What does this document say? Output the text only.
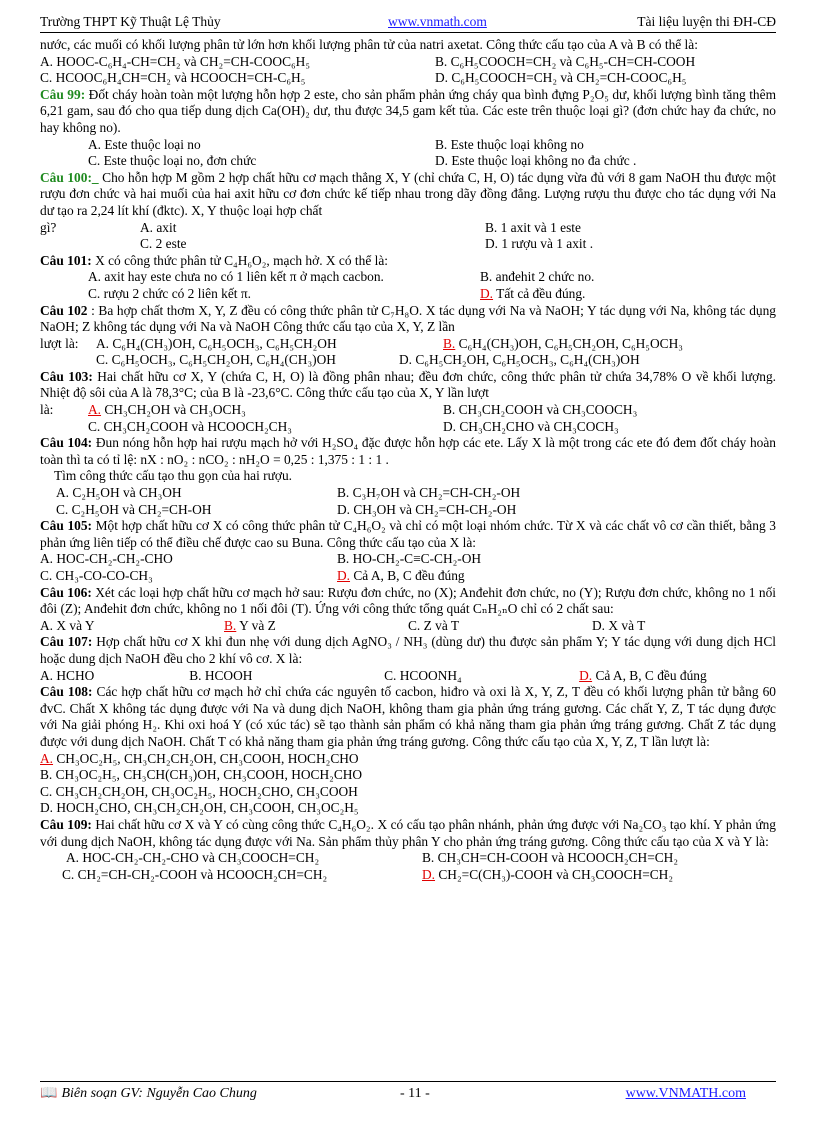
Trường THPT Kỹ Thuật Lệ Thủy	www.vnmath.com	Tài liệu luyện thi ĐH-CĐ

nước, các muối có khối lượng phân tử lớn hơn khối lượng phân tử của natri axetat. Công thức cấu tạo của A và B có thể là:

A. HOOC-C₆H₄-CH=CH₂ và CH₂=CH-COOC₆H₅	B. C₆H₅COOCH=CH₂ và C₆H₅-CH=CH-COOH
C. HCOOC₆H₄CH=CH₂ và HCOOCH=CH-C₆H₅	D. C₆H₅COOCH=CH₂ và CH₂=CH-COOC₆H₅

Câu 99: Đốt cháy hoàn toàn một lượng hỗn hợp 2 este, cho sản phẩm phản ứng cháy qua bình đựng P₂O₅ dư, khối lượng bình tăng thêm 6,21 gam, sau đó cho qua tiếp dung dịch Ca(OH)₂ dư, thu được 34,5 gam kết tủa. Các este trên thuộc loại gì? (đơn chức hay đa chức, no hay không no).

A. Este thuộc loại no	B. Este thuộc loại không no
C. Este thuộc loại no, đơn chức	D. Este thuộc loại không no đa chức .

Câu 100:_ Cho hỗn hợp M gồm 2 hợp chất hữu cơ mạch thẳng X, Y (chỉ chứa C, H, O) tác dụng vừa đủ với 8 gam NaOH thu được một rượu đơn chức và hai muối của hai axit hữu cơ đơn chức kế tiếp nhau trong dãy đồng đẳng. Lượng rượu thu được cho tác dụng với Na dư tạo ra 2,24 lít khí (đktc). X, Y thuộc loại hợp chất

gì?	A. axit	B. 1 axit và 1 este
C. 2 este	D. 1 rượu và 1 axit .

Câu 101: X có công thức phân tử C₄H₆O₂, mạch hở. X có thể là:

A. axit hay este chưa no có 1 liên kết π ở mạch cacbon.	B. anđehit 2 chức no.
C. rượu 2 chức có 2 liên kết π.	D. Tất cả đều đúng.

Câu 102 : Ba hợp chất thơm X, Y, Z đều có công thức phân tử C₇H₈O. X tác dụng với Na và NaOH; Y tác dụng với Na, không tác dụng NaOH; Z không tác dụng với Na và NaOH Công thức cấu tạo của X, Y, Z lần

lượt là:	A. C₆H₄(CH₃)OH, C₆H₅OCH₃, C₆H₅CH₂OH	B. C₆H₄(CH₃)OH, C₆H₅CH₂OH, C₆H₅OCH₃
C. C₆H₅OCH₃, C₆H₅CH₂OH, C₆H₄(CH₃)OH	D. C₆H₅CH₂OH, C₆H₅OCH₃, C₆H₄(CH₃)OH

Câu 103: Hai chất hữu cơ X, Y (chứa C, H, O) là đồng phân nhau; đều đơn chức, công thức phân tử chứa 34,78% O về khối lượng. Nhiệt độ sôi của A là 78,3°C; của B là -23,6°C. Công thức cấu tạo của X, Y lần lượt

là:	A. CH₃CH₂OH và CH₃OCH₃	B. CH₃CH₂COOH và CH₃COOCH₃
C. CH₃CH₂COOH và HCOOCH₂CH₃	D. CH₃CH₂CHO và CH₃COCH₃

Câu 104: Đun nóng hỗn hợp hai rượu mạch hở với H₂SO₄ đặc được hỗn hợp các ete. Lấy X là một trong các ete đó đem đốt cháy hoàn toàn thì ta có tỉ lệ: nX : nO₂ : nCO₂ : nH₂O = 0,25 : 1,375 : 1 : 1 .

Tìm công thức cấu tạo thu gọn của hai rượu.

A. C₂H₅OH và CH₃OH	B. C₃H₇OH và CH₂=CH-CH₂-OH
C. C₂H₅OH và CH₂=CH-OH	D. CH₃OH và CH₂=CH-CH₂-OH

Câu 105: Một hợp chất hữu cơ X có công thức phân tử C₄H₆O₂ và chỉ có một loại nhóm chức. Từ X và các chất vô cơ cần thiết, bằng 3 phản ứng liên tiếp có thể điều chế được cao su Buna. Công thức cấu tạo của X là:

A. HOC-CH₂-CH₂-CHO	B. HO-CH₂-C≡C-CH₂-OH
C. CH₃-CO-CO-CH₃	D. Cả A, B, C đều đúng

Câu 106: Xét các loại hợp chất hữu cơ mạch hở sau: Rượu đơn chức, no (X); Anđehit đơn chức, no (Y); Rượu đơn chức, không no 1 nối đôi (Z); Anđehit đơn chức, không no 1 nối đôi (T). Ứng với công thức tổng quát CₙH₂ₙO chỉ có 2 chất sau:

A. X và Y	B. Y và Z	C. Z và T	D. X và T

Câu 107: Hợp chất hữu cơ X khi đun nhẹ với dung dịch AgNO₃ / NH₃ (dùng dư) thu được sản phẩm Y; Y tác dụng với dung dịch HCl hoặc dung dịch NaOH đều cho 2 khí vô cơ. X là:

A. HCHO	B. HCOOH	C. HCOONH₄	D. Cả A, B, C đều đúng

Câu 108: Các hợp chất hữu cơ mạch hở chỉ chứa các nguyên tố cacbon, hiđro và oxi là X, Y, Z, T đều có khối lượng phân tử bằng 60 đvC. Chất X không tác dụng được với Na và dung dịch NaOH, không tham gia phản ứng tráng gương. Các chất Y, Z, T tác dụng được với Na giải phóng H₂. Khi oxi hoá Y (có xúc tác) sẽ tạo thành sản phẩm có khả năng tham gia phản ứng tráng gương. Chất Z tác dụng được với dung dịch NaOH. Chất T có khả năng tham gia phản ứng tráng gương. Công thức cấu tạo của X, Y, Z, T lần lượt là:

A. CH₃OC₂H₅, CH₃CH₂CH₂OH, CH₃COOH, HOCH₂CHO
B. CH₃OC₂H₅, CH₃CH(CH₃)OH, CH₃COOH, HOCH₂CHO
C. CH₃CH₂CH₂OH, CH₃OC₂H₅, HOCH₂CHO, CH₃COOH
D. HOCH₂CHO, CH₃CH₂CH₂OH, CH₃COOH, CH₃OC₂H₅

Câu 109: Hai chất hữu cơ X và Y có cùng công thức C₄H₆O₂. X có cấu tạo phân nhánh, phản ứng được với Na₂CO₃ tạo khí. Y phản ứng với dung dịch NaOH, không tác dụng được với Na. Sản phẩm thủy phân Y cho phản ứng tráng gương. Công thức cấu tạo của X và Y là:

A. HOC-CH₂-CH₂-CHO và CH₃COOCH=CH₂	B. CH₃CH=CH-COOH và HCOOCH₂CH=CH₂
C. CH₂=CH-CH₂-COOH và HCOOCH₂CH=CH₂	D. CH₂=C(CH₃)-COOH và CH₃COOCH=CH₂
📖 Biên soạn GV: Nguyễn Cao Chung	- 11 -	www.VNMATH.com
